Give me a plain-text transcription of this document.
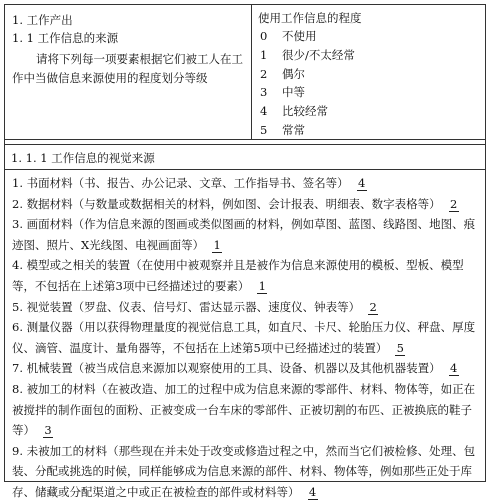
1. 工作产出
1. 1 工作信息的来源
请将下列每一项要素根据它们被工人在工作中当做信息来源使用的程度划分等级
使用工作信息的程度
0	不使用
1	很少/不太经常
2	偶尔
3	中等
4	比较经常
5	常常
1. 1. 1 工作信息的视觉来源
1. 书面材料（书、报告、办公记录、文章、工作指导书、签名等） 4
2. 数据材料（与数量或数据相关的材料，例如图、会计报表、明细表、数字表格等） 2
3. 画面材料（作为信息来源的图画或类似图画的材料，例如草图、蓝图、线路图、地图、痕迹图、照片、X光线图、电视画面等） 1
4. 模型或之相关的装置（在使用中被观察并且是被作为信息来源使用的模板、型板、模型等，不包括在上述第3项中已经描述过的要素） 1
5. 视觉装置（罗盘、仪表、信号灯、雷达显示器、速度仪、钟表等） 2
6. 测量仪器（用以获得物理量度的视觉信息工具，如直尺、卡尺、轮胎压力仪、秤盘、厚度仪、滴管、温度计、量角器等，不包括在上述第5项中已经描述过的装置） 5
7. 机械装置（被当成信息来源加以观察使用的工具、设备、机器以及其他机器装置） 4
8. 被加工的材料（在被改造、加工的过程中成为信息来源的零部件、材料、物体等，如正在被搅拌的制作面包的面粉、正被变成一台车床的零部件、正被切割的布匹、正被换底的鞋子等） 3
9. 未被加工的材料（那些现在并未处于改变或修造过程之中，然而当它们被检修、处理、包装、分配或挑选的时候，同样能够成为信息来源的部件、材料、物体等，例如那些正处于库存、储藏或分配渠道之中或正在被检查的部件或材料等） 4
